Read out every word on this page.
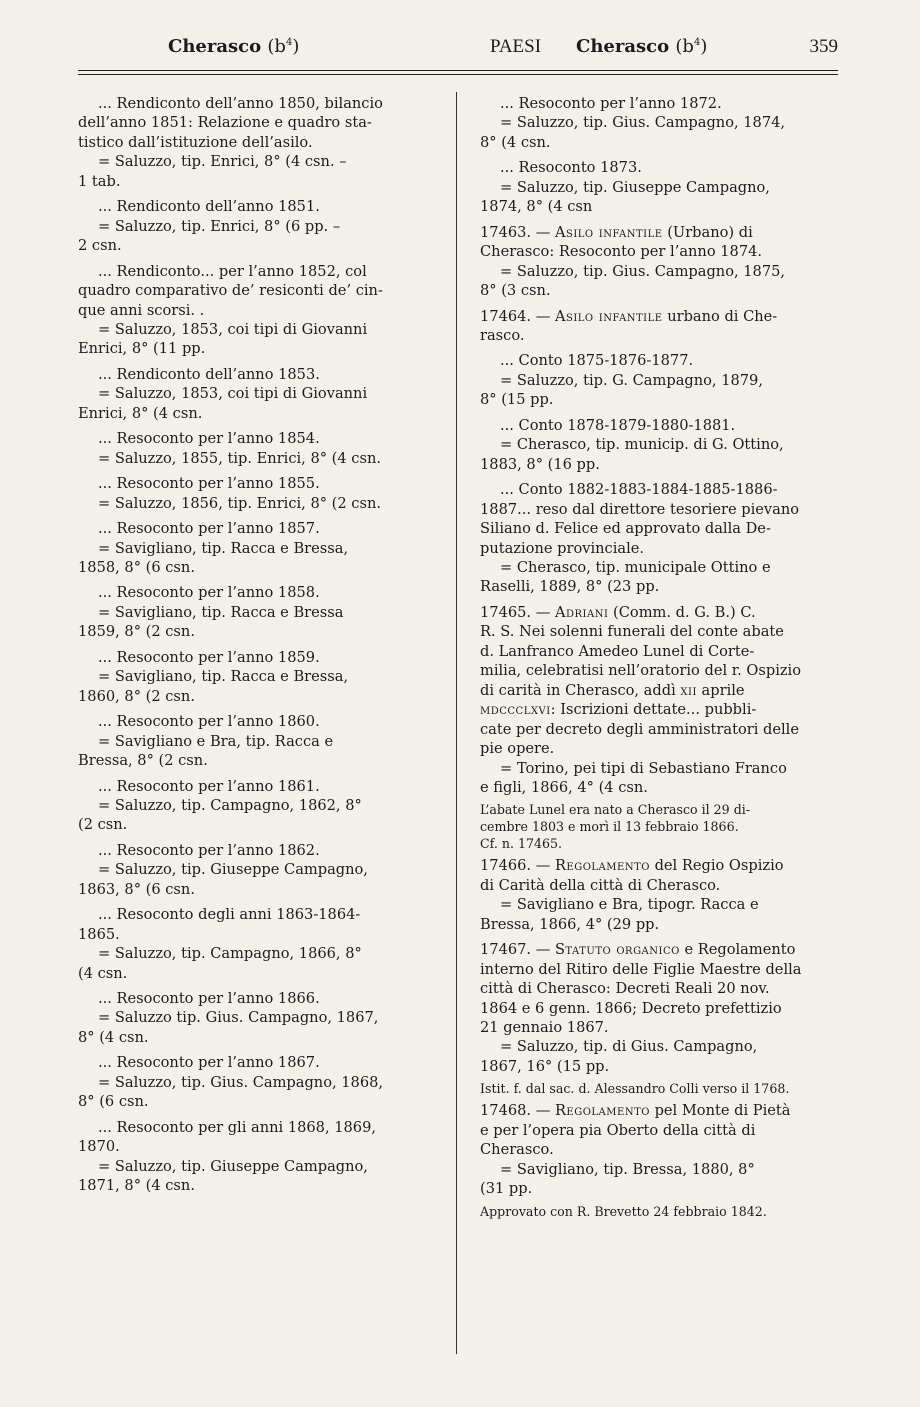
Cherasco $(b^4)$	PAESI Cherasco $(b^4)$	359

... Rendiconto dell’anno 1850, bilancio

dell’anno 1851: Relazione e quadro sta-

tistico dall’istituzione dell’asilo.

= Saluzzo, tip. Enrici, 8° (4 csn. –

1 tab.

... Rendiconto dell’anno 1851.

= Saluzzo, tip. Enrici, 8° (6 pp. –

2 csn.

... Rendiconto... per l’anno 1852, col

quadro comparativo de’ resiconti de’ cin-

que anni scorsi. .

= Saluzzo, 1853, coi tipi di Giovanni

Enrici, 8° (11 pp.

... Rendiconto dell’anno 1853.

= Saluzzo, 1853, coi tipi di Giovanni

Enrici, 8° (4 csn.

... Resoconto per l’anno 1854.

= Saluzzo, 1855, tip. Enrici, 8° (4 csn.

... Resoconto per l’anno 1855.

= Saluzzo, 1856, tip. Enrici, 8° (2 csn.

... Resoconto per l’anno 1857.

= Savigliano, tip. Racca e Bressa,

1858, 8° (6 csn.

... Resoconto per l’anno 1858.

= Savigliano, tip. Racca e Bressa

1859, 8° (2 csn.

... Resoconto per l’anno 1859.

= Savigliano, tip. Racca e Bressa,

1860, 8° (2 csn.

... Resoconto per l’anno 1860.

= Savigliano e Bra, tip. Racca e

Bressa, 8° (2 csn.

... Resoconto per l’anno 1861.

= Saluzzo, tip. Campagno, 1862, 8°

(2 csn.

... Resoconto per l’anno 1862.

= Saluzzo, tip. Giuseppe Campagno,

1863, 8° (6 csn.

... Resoconto degli anni 1863-1864-

1865.

= Saluzzo, tip. Campagno, 1866, 8°

(4 csn.

... Resoconto per l’anno 1866.

= Saluzzo tip. Gius. Campagno, 1867,

8° (4 csn.

... Resoconto per l’anno 1867.

= Saluzzo, tip. Gius. Campagno, 1868,

8° (6 csn.

... Resoconto per gli anni 1868, 1869,

1870.

= Saluzzo, tip. Giuseppe Campagno,

1871, 8° (4 csn.

... Resoconto per l’anno 1872.

= Saluzzo, tip. Gius. Campagno, 1874,

8° (4 csn.

... Resoconto 1873.

= Saluzzo, tip. Giuseppe Campagno,

1874, 8° (4 csn

17463. — Asilo infantile (Urbano) di

Cherasco: Resoconto per l’anno 1874.

= Saluzzo, tip. Gius. Campagno, 1875,

8° (3 csn.

17464. — Asilo infantile urbano di Che-

rasco.

... Conto 1875-1876-1877.

= Saluzzo, tip. G. Campagno, 1879,

8° (15 pp.

... Conto 1878-1879-1880-1881.

= Cherasco, tip. municip. di G. Ottino,

1883, 8° (16 pp.

... Conto 1882-1883-1884-1885-1886-

1887... reso dal direttore tesoriere pievano

Siliano d. Felice ed approvato dalla De-

putazione provinciale.

= Cherasco, tip. municipale Ottino e

Raselli, 1889, 8° (23 pp.

17465. — Adriani (Comm. d. G. B.) C.

R. S. Nei solenni funerali del conte abate

d. Lanfranco Amedeo Lunel di Corte-

milia, celebratisi nell’oratorio del r. Ospizio

di carità in Cherasco, addì xii aprile

mdccclxvi: Iscrizioni dettate... pubbli-

cate per decreto degli amministratori delle

pie opere.

= Torino, pei tipi di Sebastiano Franco

e figli, 1866, 4° (4 csn.

L’abate Lunel era nato a Cherasco il 29 di-

cembre 1803 e morì il 13 febbraio 1866.

Cf. n. 17465.

17466. — Regolamento del Regio Ospizio

di Carità della città di Cherasco.

= Savigliano e Bra, tipogr. Racca e

Bressa, 1866, 4° (29 pp.

17467. — Statuto organico e Regolamento

interno del Ritiro delle Figlie Maestre della

città di Cherasco: Decreti Reali 20 nov.

1864 e 6 genn. 1866; Decreto prefettizio

21 gennaio 1867.

= Saluzzo, tip. di Gius. Campagno,

1867, 16° (15 pp.

Istit. f. dal sac. d. Alessandro Colli verso il 1768.

17468. — Regolamento pel Monte di Pietà

e per l’opera pia Oberto della città di

Cherasco.

= Savigliano, tip. Bressa, 1880, 8°

(31 pp.

Approvato con R. Brevetto 24 febbraio 1842.
